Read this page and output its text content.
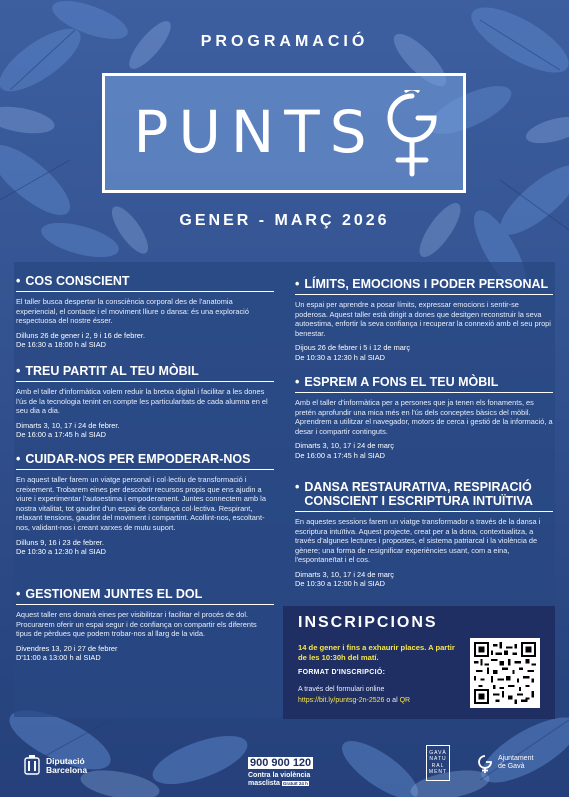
PROGRAMACIÓ
PUNTS
GENER - MARÇ 2026
• COS CONSCIENT
El taller busca despertar la consciència corporal des de l'anatomia experiencial, el contacte i el moviment lliure o dansa: és una exploració respectuosa del nostre ésser.
Dilluns 26 de gener i 2, 9 i 16 de febrer.
De 16:30 a 18:00 h al SIAD
• TREU PARTIT AL TEU MÒBIL
Amb el taller d'informàtica volem reduir la bretxa digital i facilitar a les dones l'ús de la tecnologia tenint en compte les particularitats de cada alumna en el seu dia a dia.
Dimarts 3, 10, 17 i 24 de febrer.
De 16:00 a 17:45 h al SIAD
• CUIDAR-NOS PER EMPODERAR-NOS
En aquest taller farem un viatge personal i col·lectiu de transformació i creixement. Trobarem eines per descobrir recursos propis que ens ajudin a viure i experimentar l'autoestima i empoderament. Juntes connectem amb la nostra vitalitat, tot gaudint d'un espai de confiança col·lectiva. Respirant, relaxant tensions, gaudint del moviment i compartint. Acollint-nos, escoltant-nos, validant-nos i creant xarxes de mutu suport.
Dilluns 9, 16 i 23 de febrer.
De 10:30 a 12:30 h al SIAD
• GESTIONEM JUNTES EL DOL
Aquest taller ens donarà eines per visibilitzar i facilitar el procés de dol. Procurarem oferir un espai segur i de confiança on compartir els diferents tipus de pèrdues que podem trobar-nos al llarg de la vida.
Divendres 13, 20 i 27 de febrer
D'11:00 a 13:00 h al SIAD
• LÍMITS, EMOCIONS I PODER PERSONAL
Un espai per aprendre a posar límits, expressar emocions i sentir-se poderosa. Aquest taller està dirigit a dones que desitgen reconstruir la seva autoestima, enfortir la seva confiança i recuperar la connexió amb el seu propi benestar.
Dijous 26 de febrer i 5 i 12 de març
De 10:30 a 12:30 h al SIAD
• ESPREM A FONS EL TEU MÒBIL
Amb el taller d'informàtica per a persones que ja tenen els fonaments, es pretén aprofundir una mica més en l'ús dels conceptes bàsics del mòbil. Aprendrem a utilitzar el navegador, motors de cerca i gestió de la informació, a desar i compartir continguts.
Dimarts 3, 10, 17 i 24 de març
De 16:00 a 17:45 h al SIAD
• DANSA RESTAURATIVA, RESPIRACIÓ CONSCIENT I ESCRIPTURA INTUÏTIVA
En aquestes sessions farem un viatge transformador a través de la dansa i escriptura intuïtiva. Aquest projecte, creat per a la dona, contextualitza, a través d'algunes lectures i propostes, el sistema patriarcal i la violència de gènere; una forma de resignificar experiències usant, com a eina, l'espontaneïtat i el cos.
Dimarts 3, 10, 17 i 24 de març
De 10:30 a 12:00 h al SIAD
INSCRIPCIONS
14 de gener i fins a exhaurir places. A partir de les 10:30h del matí.
FORMAT D'INSCRIPCIÓ:
A través del formulari online
https://bit.ly/puntsg-2n-2526 o al QR
Diputació
Barcelona
900 900 120
Contra la violència
masclista Gratuït 24 h
GAVÀ NATU RAL MENT
Ajuntament
de Gavà
